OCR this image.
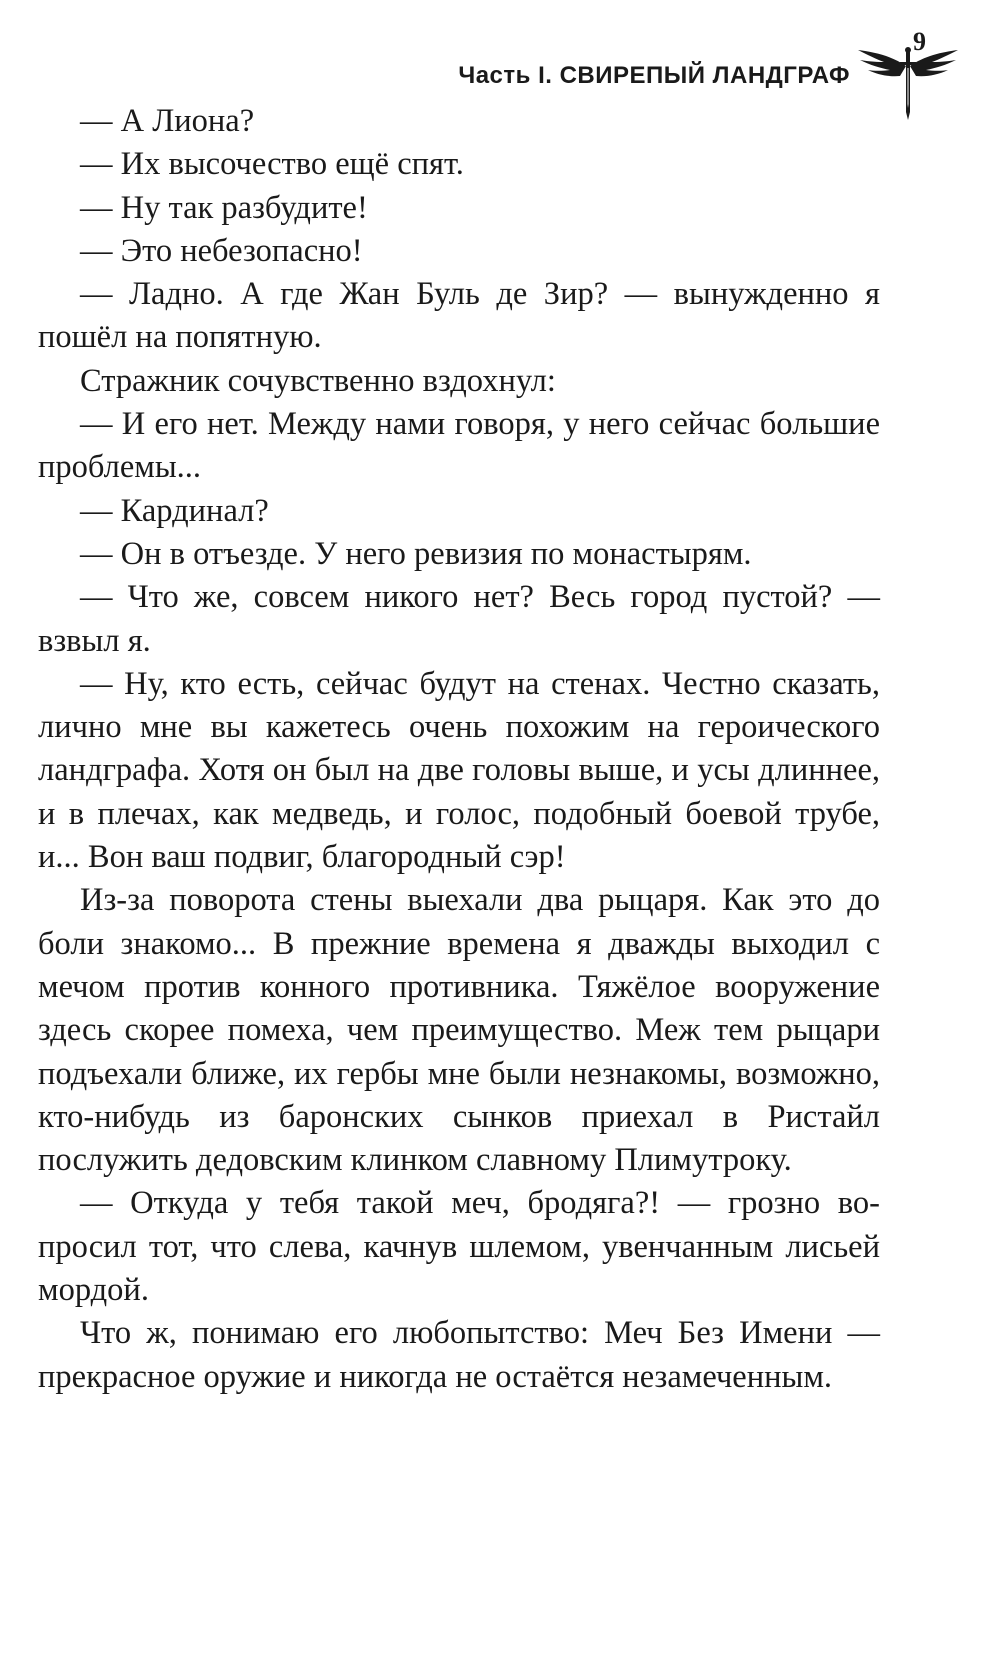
9
Часть I. СВИРЕПЫЙ ЛАНДГРАФ

— А Лиона?

— Их высочество ещё спят.

— Ну так разбудите!

— Это небезопасно!

— Ладно. А где Жан Буль де Зир? — вынужденно я пошёл на попятную.

Стражник сочувственно вздохнул:

— И его нет. Между нами говоря, у него сейчас большие проблемы...

— Кардинал?

— Он в отъезде. У него ревизия по монастырям.

— Что же, совсем никого нет? Весь город пустой? — взвыл я.

— Ну, кто есть, сейчас будут на стенах. Честно сказать, лично мне вы кажетесь очень похожим на героического ландграфа. Хотя он был на две головы выше, и усы длиннее, и в плечах, как медведь, и голос, подобный боевой трубе, и... Вон ваш подвиг, благородный сэр!

Из-за поворота стены выехали два рыцаря. Как это до боли знакомо... В прежние времена я дважды выходил с мечом против конного противника. Тяжёлое вооружение здесь скорее помеха, чем преимущество. Меж тем рыцари подъехали ближе, их гербы мне были незнакомы, возможно, кто-нибудь из баронских сынков приехал в Ристайл послужить дедовским клинком славному Плимутроку.

— Откуда у тебя такой меч, бродяга?! — грозно вопросил тот, что слева, качнув шлемом, увенчанным лисьей мордой.

Что ж, понимаю его любопытство: Меч Без Имени — прекрасное оружие и никогда не остаётся незамеченным.
